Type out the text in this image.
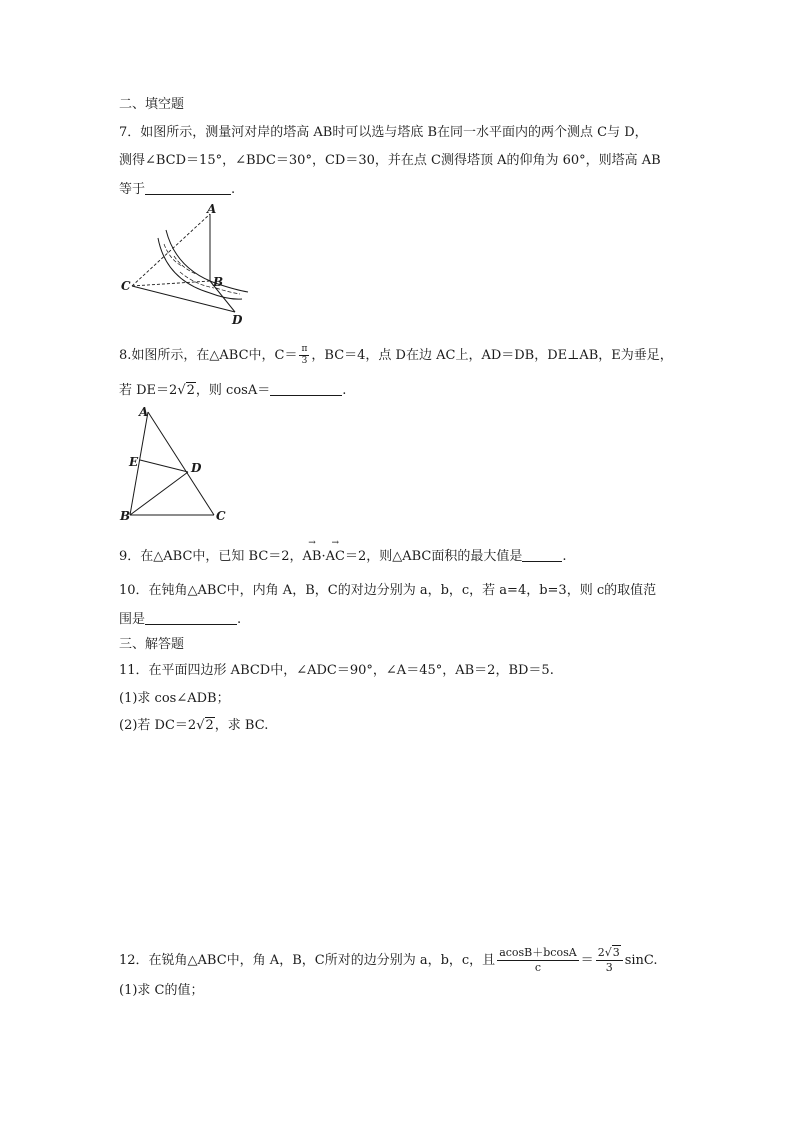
二、填空题
7．如图所示，测量河对岸的塔高 AB时可以选与塔底 B在同一水平面内的两个测点 C与 D，
测得∠BCD＝15°，∠BDC＝30°，CD＝30，并在点 C测得塔顶 A的仰角为 60°，则塔高 AB
等于	.
A
B
C
D
8.如图所示，在△ABC中，$C= \frac{\pi}{3}$ ，BC＝4，点 D在边 AC上，AD＝DB，DE⊥AB，E为垂足，
若 DE＝2√2，则 cosA＝	.
A
E	D
B	C
9．在△ABC中，已知 BC＝2，
→
AB·
→
AC＝2，则△ABC面积的最大值是	.
10．在钝角△ABC中，内角 A，B，C的对边分别为 a，b，c，若 a=4，b=3，则 c的取值范
围是	.
三、解答题
11．在平面四边形 ABCD中，∠ADC＝90°，∠A＝45°，AB＝2，BD＝5.
(1)求 cos∠ADB；
(2)若 DC＝2√2，求 BC.
12．在锐角△ABC中，角 A，B，C所对的边分别为 a，b，c，且 $\frac{acosB+bcosA}{c} = \frac{2√3}{3} \sin C$.
(1)求 C的值；
